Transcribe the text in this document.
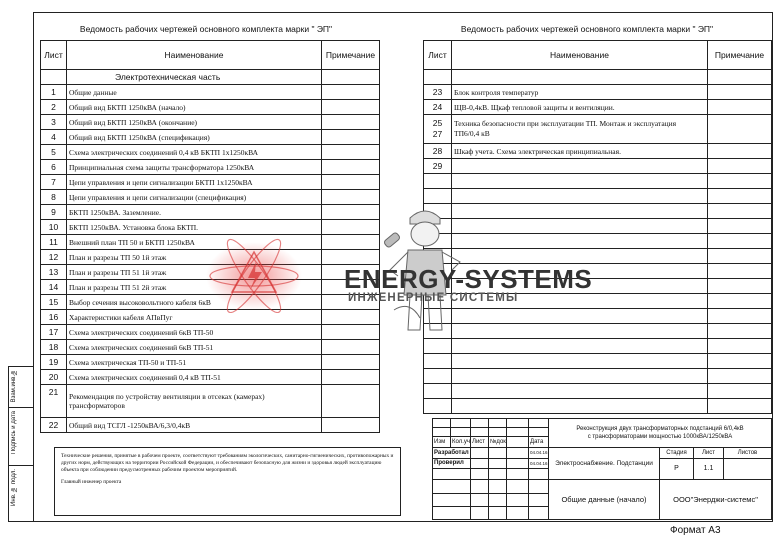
Взам.инв.№
Подпись и дата
Инв. № подл.
Ведомость рабочих чертежей основного комплекта марки " ЭП"
Лист	Наименование	Примечание
	Электротехническая часть	
1	Общие данные	
2	Общий вид БКТП 1250кВА (начало)	
3	Общий вид БКТП 1250кВА (окончание)	
4	Общий вид БКТП 1250кВА (спецификация)	
5	Схема электрических соединений 0,4 кВ БКТП 1х1250кВА	
6	Принципиальная схема защиты трансформатора 1250кВА	
7	Цепи управления и цепи сигнализации БКТП 1х1250кВА	
8	Цепи управления и цепи сигнализации (спецификация)	
9	БКТП 1250кВА. Заземление.	
10	БКТП 1250кВА. Установка блока БКТП.	
11	Внешний план ТП 50 и БКТП 1250кВА	
12	План и разрезы ТП 50 1й этаж	
13	План и разрезы ТП 51 1й этаж	
14	План и разрезы ТП 51 2й этаж	
15	Выбор сечения высоковольтного кабеля 6кВ	
16	Характеристики кабеля АПвПуг	
17	Схема электрических соединений 6кВ ТП-50	
18	Схема электрических соединений 6кВ ТП-51	
19	Схема электрическая ТП-50 и ТП-51	
20	Схема электрических соединений 0,4 кВ ТП-51	
21	Рекомендация по устройству вентиляции в отсеках (камерах)
трансформаторов	
22	Общий вид ТСГЛ -1250кВА/6,3/0,4кВ	
Ведомость рабочих чертежей основного комплекта марки " ЭП"
Лист	Наименование	Примечание

23	Блок контроля температур	
24	ЩВ-0,4кВ. Щкаф тепловой защиты и вентиляции.	
25
27	Техника безопасности при эксплуатации ТП. Монтаж и эксплуатация
ТП6/0,4 кВ	
28	Шкаф учета. Схема электрическая принципиальная.	
29		

ENERGY-SYSTEMS
ИНЖЕНЕРНЫЕ СИСТЕМЫ
Технические решения, принятые в рабочем проекте, соответствуют требованиям экологических, санитарно-гигиенических, противопожарных и других норм, действующих на территории Российской Федерации, и обеспечивают безопасную для жизни и здоровья людей эксплуатацию объекта при соблюдении предусмотренных рабочим проектом мероприятий.
Главный инженер проекта
						Реконструкция двух трансформаторных подстанций 6/0,4кВ
с трансформаторами мощностью 1000кВА/1250кВА			

Изм	Кол.уч	Лист	№док		Дата				
Разработал					04.04.16	Электроснабжение. Подстанции	Стадия	Лист	Листов
Проверил					04.04.16		Р	1.1	

						Общие данные (начало)	ООО"Энерджи-системс"		

Формат А3
